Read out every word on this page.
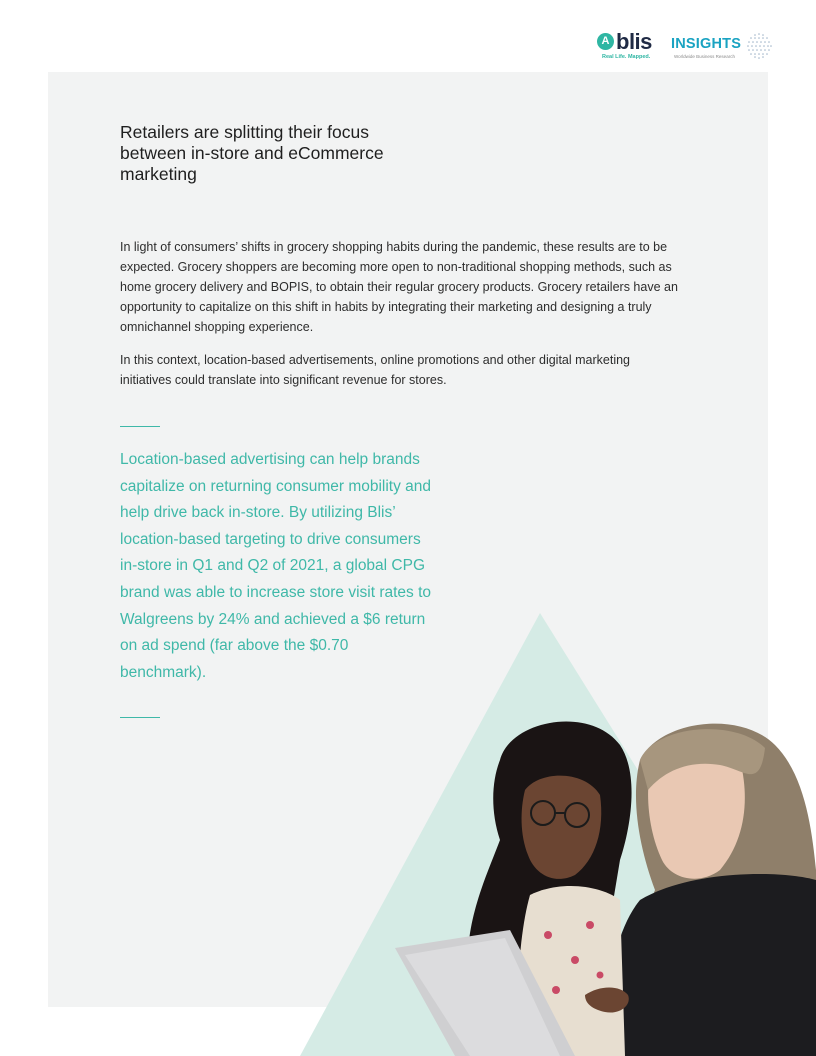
A blis
Real Life. Mapped.
INSIGHTS
Worldwide Business Research
Retailers are splitting their focus between in-store and eCommerce marketing

In light of consumers’ shifts in grocery shopping habits during the pandemic, these results are to be expected. Grocery shoppers are becoming more open to non-traditional shopping methods, such as home grocery delivery and BOPIS, to obtain their regular grocery products. Grocery retailers have an opportunity to capitalize on this shift in habits by integrating their marketing and designing a truly omnichannel shopping experience.

In this context, location-based advertisements, online promotions and other digital marketing initiatives could translate into significant revenue for stores.

Location-based advertising can help brands capitalize on returning consumer mobility and help drive back in-store. By utilizing Blis’ location-based targeting to drive consumers in-store in Q1 and Q2 of 2021, a global CPG brand was able to increase store visit rates to Walgreens by 24% and achieved a $6 return on ad spend (far above the $0.70 benchmark).
